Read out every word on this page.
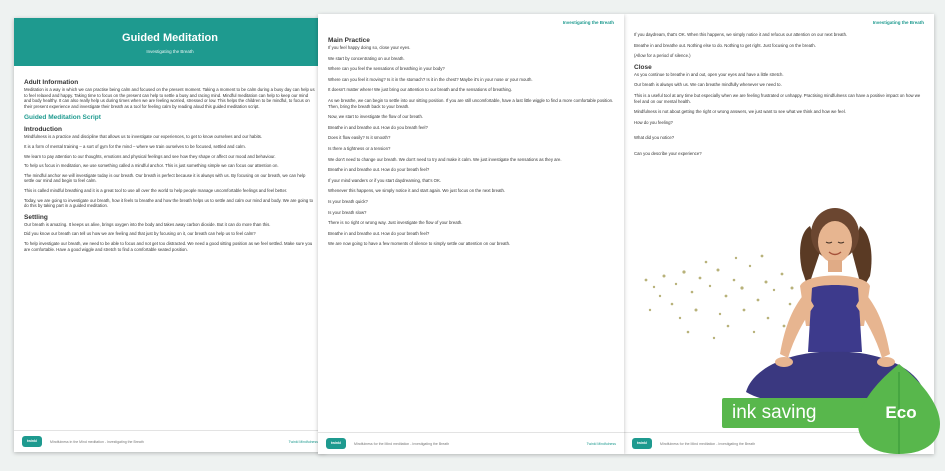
Guided Meditation
Investigating the Breath
Adult Information
Meditation is a way in which we can practise being calm and focused on the present moment. Taking a moment to be calm during a busy day can help us to feel relaxed and happy. Taking time to focus on the present can help to settle a busy and racing mind. Mindful meditation can help to keep our mind and body healthy. It can also really help us during times when we are feeling worried, stressed or low. This helps the children to be mindful, to focus on their present experience and investigate their breath as a tool for feeling calm by reading aloud this guided meditation script.
Guided Meditation Script
Introduction
Mindfulness is a practice and discipline that allows us to investigate our experiences, to get to know ourselves and our habits.
It is a form of mental training – a sort of gym for the mind – where we train ourselves to be focused, settled and calm.
We learn to pay attention to our thoughts, emotions and physical feelings and see how they shape or affect our mood and behaviour.
To help us focus in meditation, we use something called a mindful anchor. This is just something simple we can focus our attention on.
The mindful anchor we will investigate today is our breath. Our breath is perfect because it is always with us. By focusing on our breath, we can help settle our mind and begin to feel calm.
This is called mindful breathing and it is a great tool to use all over the world to help people manage uncomfortable feelings and feel better.
Today, we are going to investigate our breath, how it feels to breathe and how the breath helps us to settle and calm our mind and body. We are going to do this by taking part in a guided meditation.
Settling
Our breath is amazing. It keeps us alive, brings oxygen into the body and takes away carbon dioxide. But it can do more than this.
Did you know our breath can tell us how we are feeling and that just by focusing on it, our breath can help us to feel calm?
To help investigate our breath, we need to be able to focus and not get too distracted. We need a good sitting position as we feel settled. Make sure you are comfortable. Have a good wiggle and stretch to find a comfortable seated position.
twinkl	Mindfulness in the Mind meditation - Investigating the Breath	Twinkl Mindfulness
Investigating the Breath
Main Practice
If you feel happy doing so, close your eyes.
We start by concentrating on our breath.
Where can you feel the sensations of breathing in your body?
Where can you feel it moving? Is it in the stomach? Is it in the chest? Maybe it's in your nose or your mouth.
It doesn't matter where! We just bring our attention to our breath and the sensations of breathing.
As we breathe, we can begin to settle into our sitting position. If you are still uncomfortable, have a last little wiggle to find a more comfortable position. Then, bring the breath back to your breath.
Now, we start to investigate the flow of our breath.
Breathe in and breathe out. How do you breath feel?
Does it flow easily? Is it smooth?
Is there a tightness or a tension?
We don't need to change our breath. We don't need to try and make it calm. We just investigate the sensations as they are.
Breathe in and breathe out. How do your breath feel?
If your mind wanders or if you start daydreaming, that's OK.
Whenever this happens, we simply notice it and start again. We just focus on the next breath.
Is your breath quick?
Is your breath slow?
There is no right or wrong way. Just investigate the flow of your breath.
Breathe in and breathe out. How do your breath feel?
We are now going to have a few moments of silence to simply settle our attention on our breath.
twinkl	Mindfulness for the Mind meditation - Investigating the Breath	Twinkl Mindfulness
Investigating the Breath
If you daydream, that's OK. When this happens, we simply notice it and refocus our attention on our next breath.
Breathe in and breathe out. Nothing else to do. Nothing to get right. Just focusing on the breath.
(Allow for a period of silence.)
Close
As you continue to breathe in and out, open your eyes and have a little stretch.
Our breath is always with us. We can breathe mindfully whenever we need to.
This is a useful tool at any time but especially when we are feeling frustrated or unhappy. Practising mindfulness can have a positive impact on how we feel and on our mental health.
Mindfulness is not about getting the right or wrong answers, we just want to see what we think and how we feel.
How do you feeling?
What did you notice?
Can you describe your experience?
twinkl	Mindfulness for the Mind meditation - Investigating the Breath
ink saving	Eco
